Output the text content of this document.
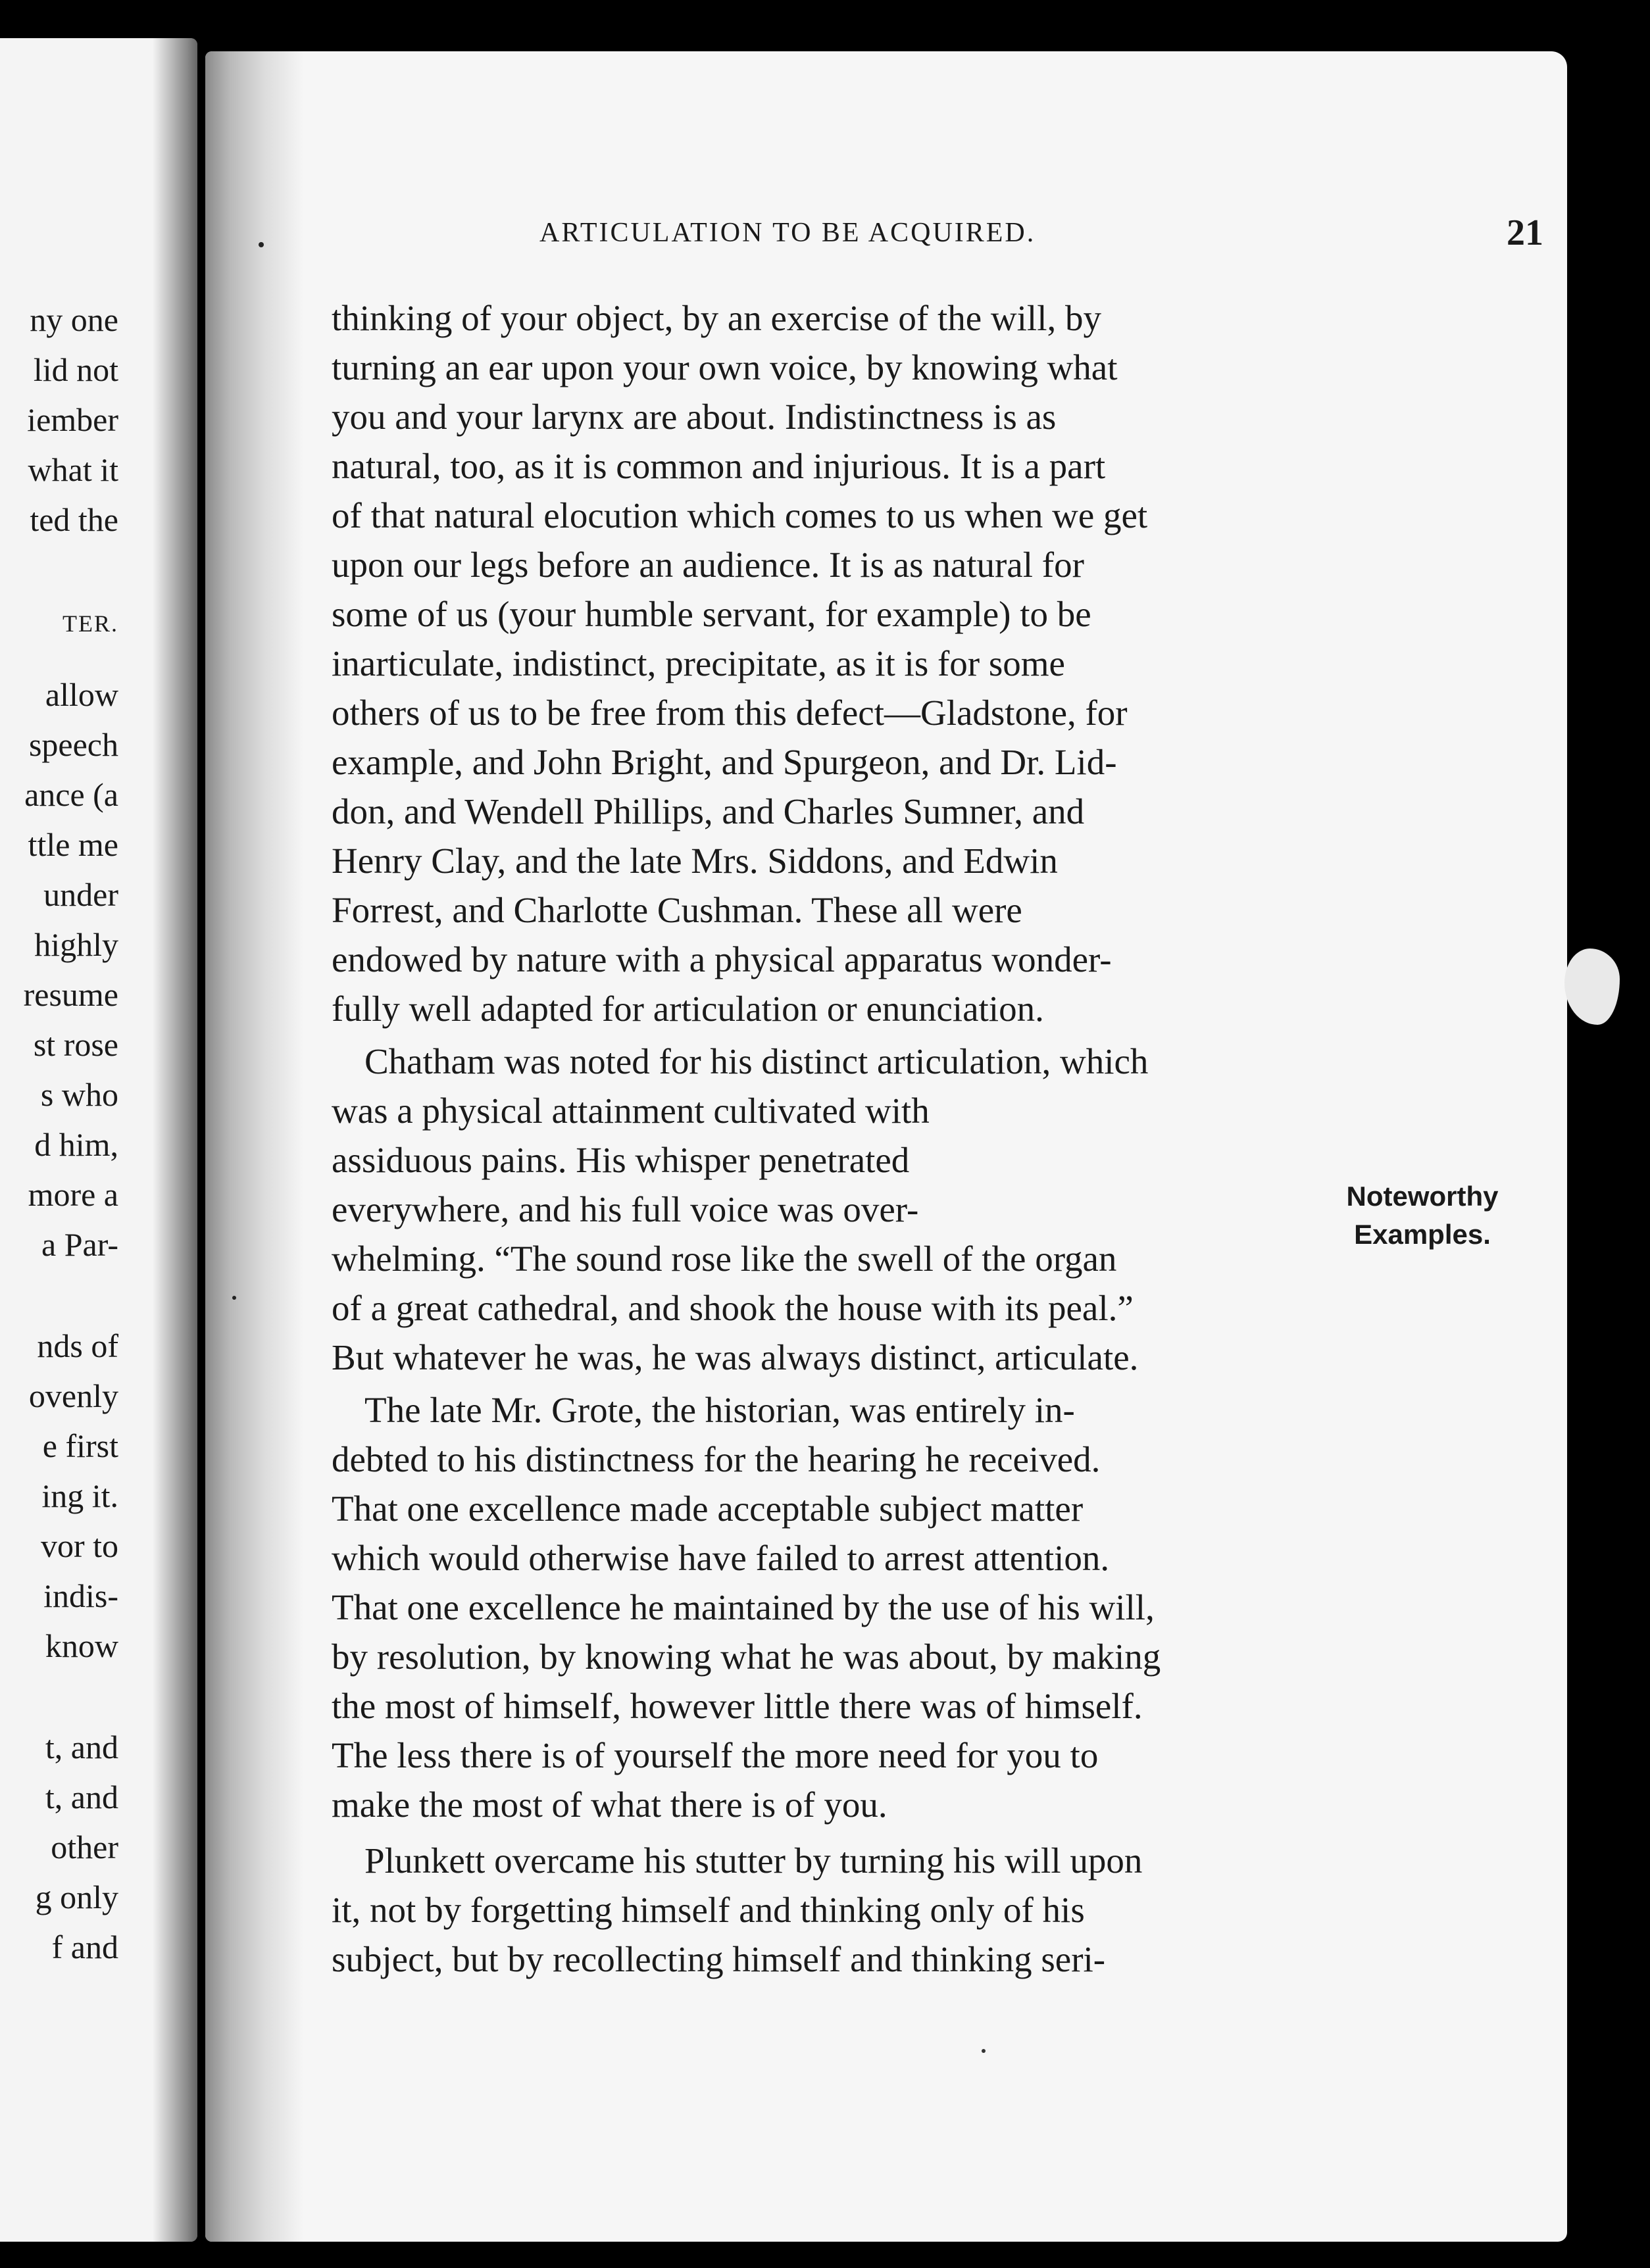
ny one
lid not
iember
what it
ted the
TER.
allow
speech
ance (a
ttle me
under
highly
resume
st rose
s who
d him,
more a
a Par-
nds of
ovenly
e first
ing it.
vor to
indis-
know
t, and
t, and
other
g only
f and
ARTICULATION TO BE ACQUIRED.	21
thinking of your object, by an exercise of the will, by
turning an ear upon your own voice, by knowing what
you and your larynx are about. Indistinctness is as
natural, too, as it is common and injurious. It is a part
of that natural elocution which comes to us when we get
upon our legs before an audience. It is as natural for
some of us (your humble servant, for example) to be
inarticulate, indistinct, precipitate, as it is for some
others of us to be free from this defect—Gladstone, for
example, and John Bright, and Spurgeon, and Dr. Lid-
don, and Wendell Phillips, and Charles Sumner, and
Henry Clay, and the late Mrs. Siddons, and Edwin
Forrest, and Charlotte Cushman. These all were
endowed by nature with a physical apparatus wonder-
fully well adapted for articulation or enunciation.
Chatham was noted for his distinct articulation, which
was a physical attainment cultivated with
assiduous pains. His whisper penetrated
everywhere, and his full voice was over-
whelming. “The sound rose like the swell of the organ
of a great cathedral, and shook the house with its peal.”
But whatever he was, he was always distinct, articulate.
The late Mr. Grote, the historian, was entirely in-
debted to his distinctness for the hearing he received.
That one excellence made acceptable subject matter
which would otherwise have failed to arrest attention.
That one excellence he maintained by the use of his will,
by resolution, by knowing what he was about, by making
the most of himself, however little there was of himself.
The less there is of yourself the more need for you to
make the most of what there is of you.
Plunkett overcame his stutter by turning his will upon
it, not by forgetting himself and thinking only of his
subject, but by recollecting himself and thinking seri-
Noteworthy
Examples.
